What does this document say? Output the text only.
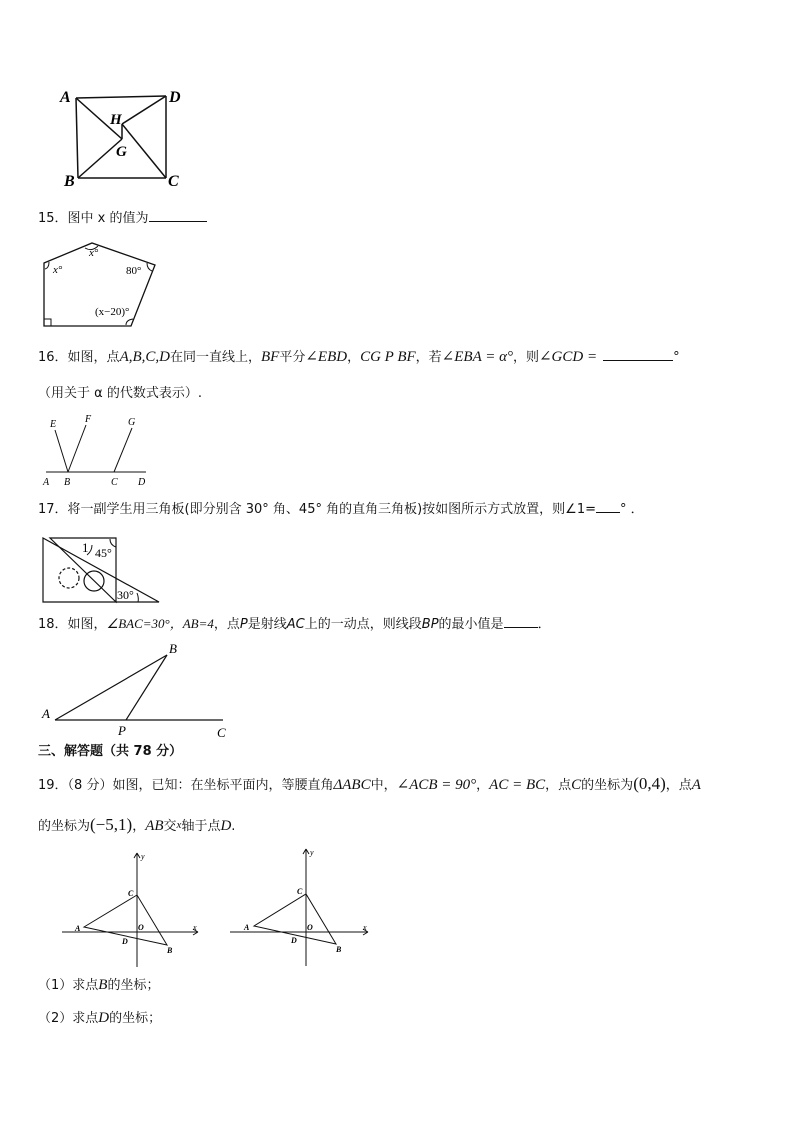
A	D
H
G
B	C
15．图中 x 的值为
x°
x°	80°
(x−20)°
16．如图，点A,B,C,D在同一直线上，BF平分∠EBD，CG P BF，若∠EBA = α°，则∠GCD =	°
（用关于 α 的代数式表示）.
E	F	G
A B	C D
17．将一副学生用三角板(即分别含 30° 角、45° 角的直角三角板)按如图所示方式放置，则∠1= ° ．
1 45°
30°
18．如图，∠BAC=30°，AB=4，点P是射线AC上的一动点，则线段BP的最小值是	．
A
B
P	C
三、解答题（共 78 分）
19．（8 分）如图，已知：在坐标平面内，等腰直角ΔABC中，∠ACB = 90°，AC = BC，点C的坐标为(0,4)，点A
的坐标为(−5,1)，AB交$^x$轴于点D.
y
x
C
A	O
D
B
y
x
C
A	O
D
B
（1）求点B的坐标；
（2）求点D的坐标；
